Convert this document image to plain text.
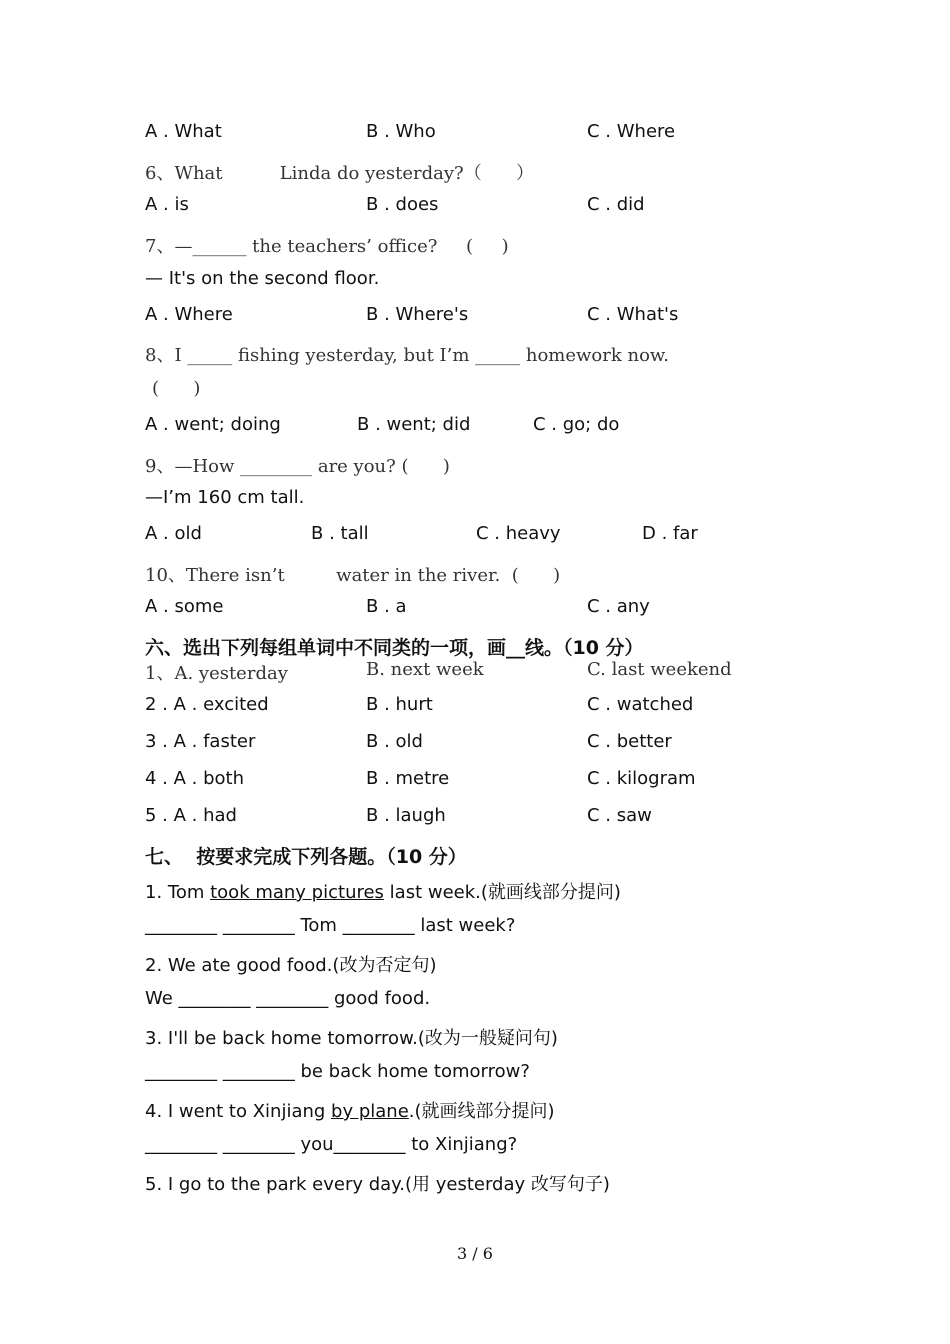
A . What	B . Who	C . Where
6、What          Linda do yesterday?（      ）
A . is	B . does	C . did
7、—______ the teachers’ office?     (     )
— It's on the second floor.
A . Where	B . Where's	C . What's
8、I _____ fishing yesterday, but I’m _____ homework now.
(      )
A . went; doing	B . went; did	C . go; do
9、—How ________ are you? (      )
—I’m 160 cm tall.
A . old	B . tall	C . heavy	D . far
10、There isn’t         water in the river.  (      )
A . some	B . a	C . any
六、选出下列每组单词中不同类的一项，画__线。（10 分）
1、A. yesterday	B. next week	C. last weekend
2 . A . excited	B . hurt	C . watched
3 . A . faster	B . old	C . better
4 . A . both	B . metre	C . kilogram
5 . A . had	B . laugh	C . saw
七、  按要求完成下列各题。（10 分）
1. Tom took many pictures last week.(就画线部分提问)
________ ________ Tom ________ last week?
2. We ate good food.(改为否定句)
We ________ ________ good food.
3. I'll be back home tomorrow.(改为一般疑问句)
________ ________ be back home tomorrow?
4. I went to Xinjiang by plane.(就画线部分提问)
________ ________ you________ to Xinjiang?
5. I go to the park every day.(用 yesterday 改写句子)
3 / 6
